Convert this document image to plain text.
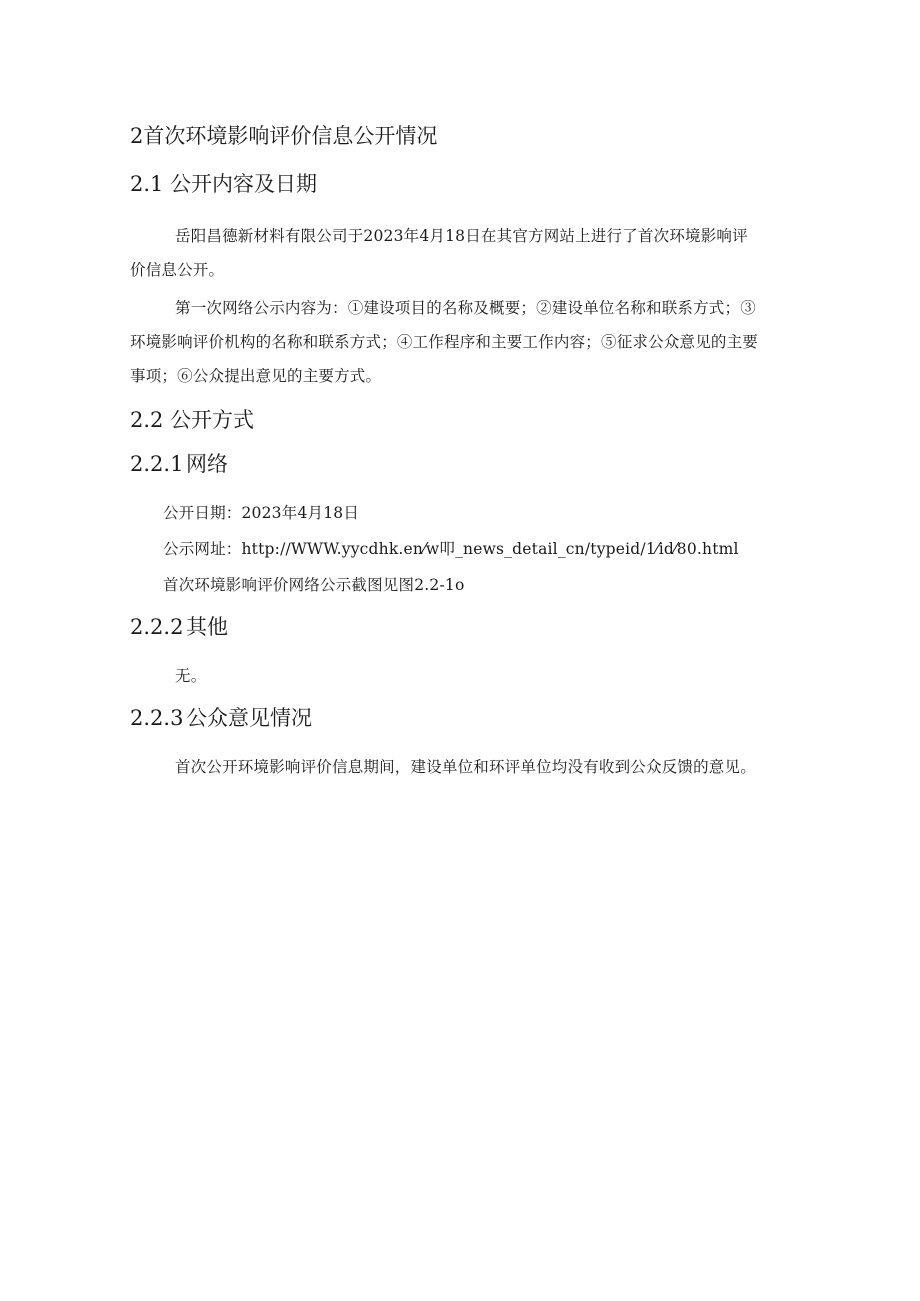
2首次环境影响评价信息公开情况

2.1 公开内容及日期

岳阳昌德新材料有限公司于2023年4月18日在其官方网站上进行了首次环境影响评

价信息公开。

第一次网络公示内容为：①建设项目的名称及概要；②建设单位名称和联系方式；③

环境影响评价机构的名称和联系方式；④工作程序和主要工作内容；⑤征求公众意见的主要

事项；⑥公众提出意见的主要方式。

2.2 公开方式

2.2.1 网络

公开日期：2023年4月18日

公示网址：http://WWW.yycdhk.en⁄w叩_news_detail_cn/typeid/1⁄id⁄80.html

首次环境影响评价网络公示截图见图2.2-1o

2.2.2 其他

无。

2.2.3 公众意见情况

首次公开环境影响评价信息期间，建设单位和环评单位均没有收到公众反馈的意见。
